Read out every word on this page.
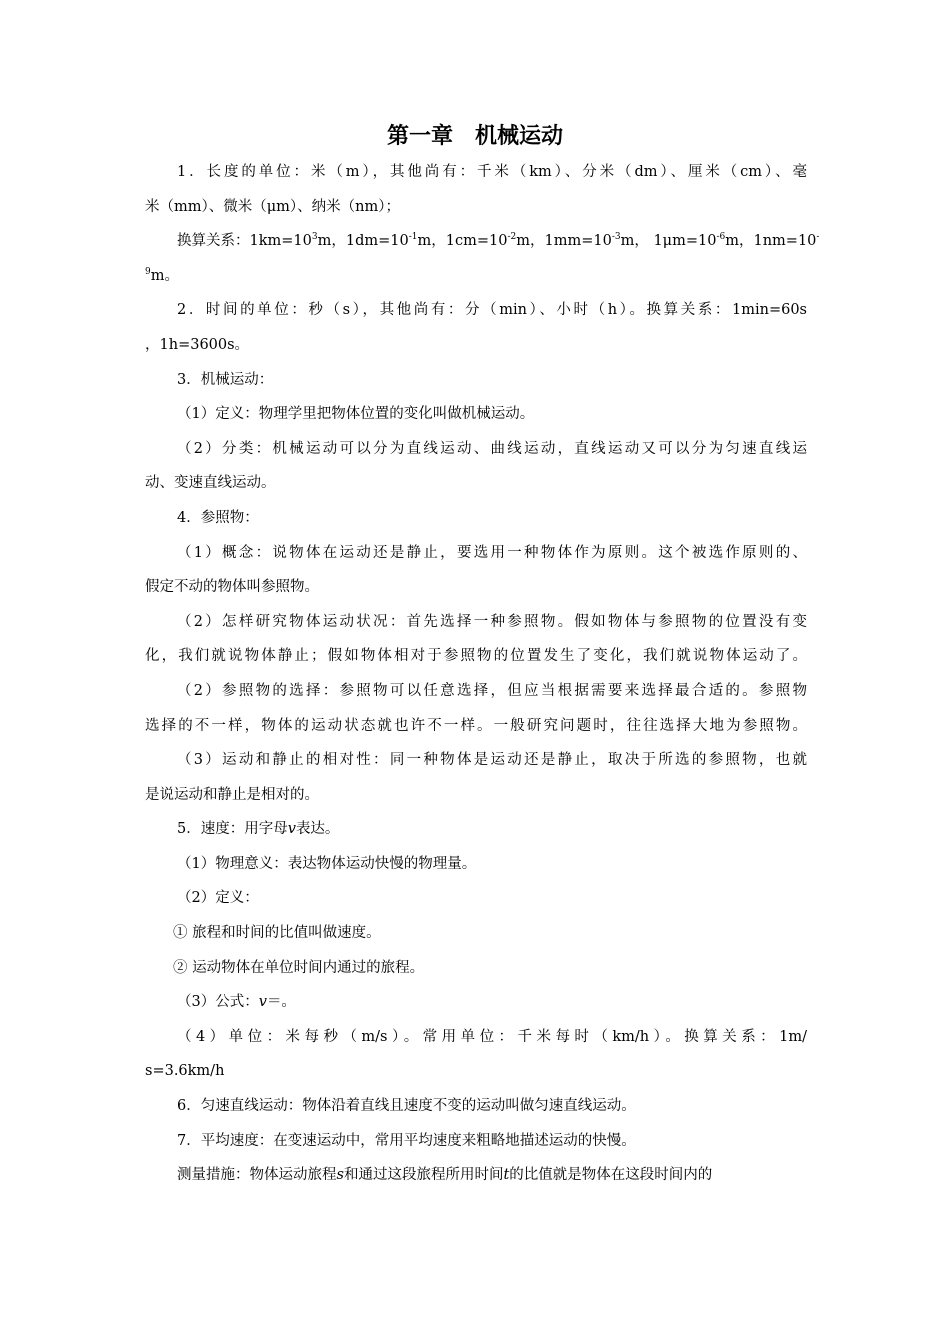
第一章　机械运动
1．长度的单位：米（m），其他尚有：千米（km）、分米（dm）、厘米（cm）、毫
米（mm）、微米（μm）、纳米（nm）；
换算关系：$1km=10^3m$，$1dm=10^{-1}m$，$1cm=10^{-2}m$，$1mm=10^{-3}m$， $1\mu m=10^{-6}m$，1nm=10-
$^9$m。
2．时间的单位：秒（s），其他尚有：分（min）、小时（h）。换算关系：1min=60s
，1h=3600s。
3．机械运动：
（1）定义：物理学里把物体位置的变化叫做机械运动。
（2）分类：机械运动可以分为直线运动、曲线运动，直线运动又可以分为匀速直线运
动、变速直线运动。
4．参照物：
（1）概念：说物体在运动还是静止，要选用一种物体作为原则。这个被选作原则的、
假定不动的物体叫参照物。
（2）怎样研究物体运动状况：首先选择一种参照物。假如物体与参照物的位置没有变
化，我们就说物体静止；假如物体相对于参照物的位置发生了变化，我们就说物体运动了。
（2）参照物的选择：参照物可以任意选择，但应当根据需要来选择最合适的。参照物
选择的不一样，物体的运动状态就也许不一样。一般研究问题时，往往选择大地为参照物。
（3）运动和静止的相对性：同一种物体是运动还是静止，取决于所选的参照物，也就
是说运动和静止是相对的。
5．速度：用字母v表达。
（1）物理意义：表达物体运动快慢的物理量。
（2）定义：
① 旅程和时间的比值叫做速度。
② 运动物体在单位时间内通过的旅程。
（3）公式：v＝。
（4）单位：米每秒（m/s）。常用单位：千米每时（km/h）。换算关系：1m/
s=3.6km/h
6．匀速直线运动：物体沿着直线且速度不变的运动叫做匀速直线运动。
7．平均速度：在变速运动中，常用平均速度来粗略地描述运动的快慢。
测量措施：物体运动旅程s和通过这段旅程所用时间t的比值就是物体在这段时间内的
